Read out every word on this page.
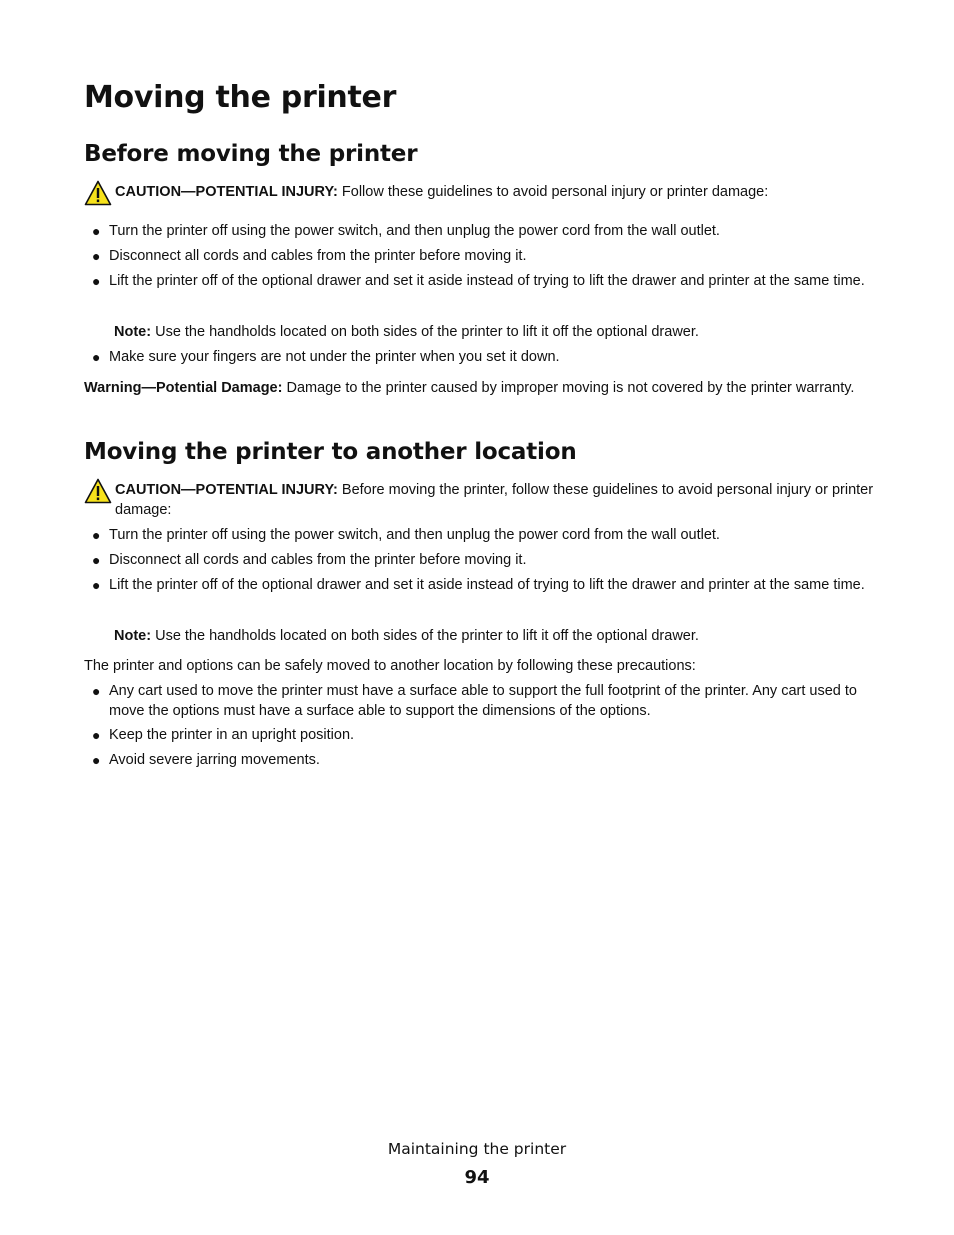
Moving the printer
Before moving the printer
CAUTION—POTENTIAL INJURY: Follow these guidelines to avoid personal injury or printer damage:
● Turn the printer off using the power switch, and then unplug the power cord from the wall outlet.
● Disconnect all cords and cables from the printer before moving it.
● Lift the printer off of the optional drawer and set it aside instead of trying to lift the drawer and printer at the same time.
Note: Use the handholds located on both sides of the printer to lift it off the optional drawer.
● Make sure your fingers are not under the printer when you set it down.
Warning—Potential Damage: Damage to the printer caused by improper moving is not covered by the printer warranty.
Moving the printer to another location
CAUTION—POTENTIAL INJURY: Before moving the printer, follow these guidelines to avoid personal injury or printer damage:
● Turn the printer off using the power switch, and then unplug the power cord from the wall outlet.
● Disconnect all cords and cables from the printer before moving it.
● Lift the printer off of the optional drawer and set it aside instead of trying to lift the drawer and printer at the same time.
Note: Use the handholds located on both sides of the printer to lift it off the optional drawer.
The printer and options can be safely moved to another location by following these precautions:
● Any cart used to move the printer must have a surface able to support the full footprint of the printer. Any cart used to move the options must have a surface able to support the dimensions of the options.
● Keep the printer in an upright position.
● Avoid severe jarring movements.
Maintaining the printer
94
